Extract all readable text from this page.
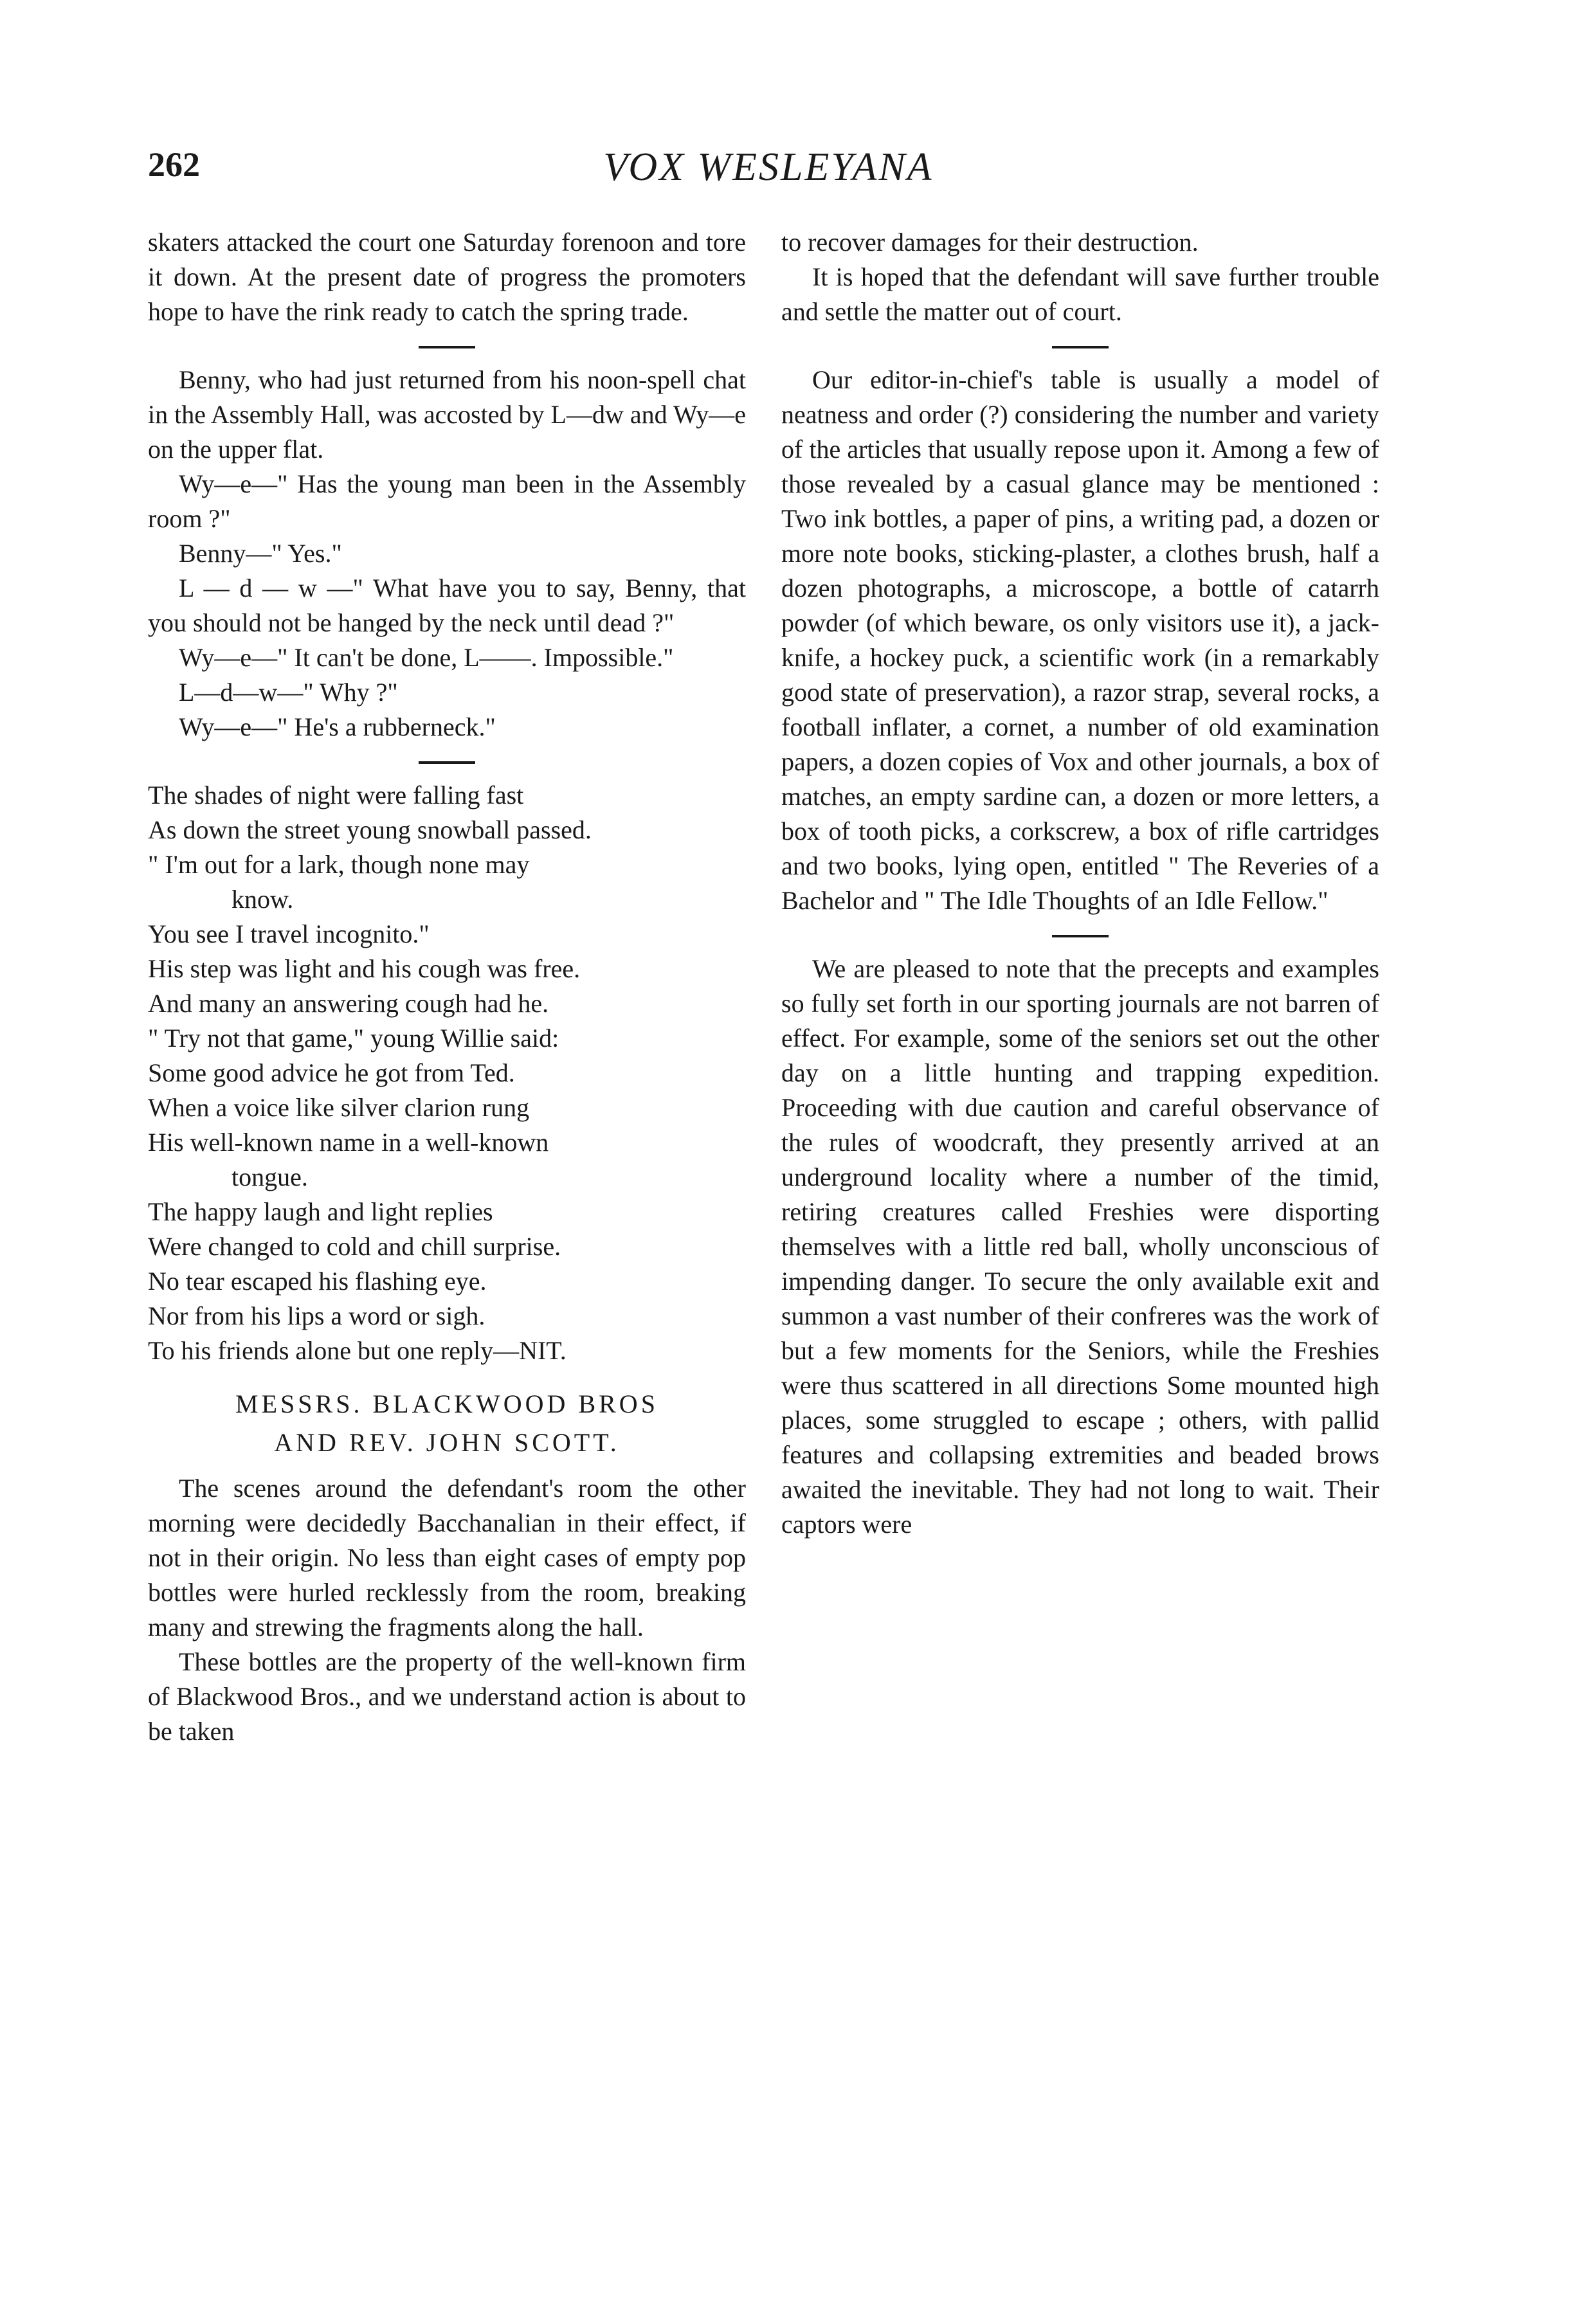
262	VOX WESLEYANA

skaters attacked the court one Saturday forenoon and tore it down. At the present date of progress the promoters hope to have the rink ready to catch the spring trade.

Benny, who had just returned from his noon-spell chat in the Assembly Hall, was accosted by L—dw and Wy—e on the upper flat.

Wy—e—" Has the young man been in the Assembly room ?"

Benny—" Yes."

L — d — w —" What have you to say, Benny, that you should not be hanged by the neck until dead ?"

Wy—e—" It can't be done, L——. Impossible."

L—d—w—" Why ?"

Wy—e—" He's a rubberneck."

The shades of night were falling fast
As down the street young snowball passed.
" I'm out for a lark, though none may
know.
You see I travel incognito."
His step was light and his cough was free.
And many an answering cough had he.
" Try not that game," young Willie said:
Some good advice he got from Ted.
When a voice like silver clarion rung
His well-known name in a well-known
tongue.
The happy laugh and light replies
Were changed to cold and chill surprise.
No tear escaped his flashing eye.
Nor from his lips a word or sigh.
To his friends alone but one reply—NIT.
MESSRS. BLACKWOOD BROS
AND REV. JOHN SCOTT.

The scenes around the defendant's room the other morning were decidedly Bacchanalian in their effect, if not in their origin. No less than eight cases of empty pop bottles were hurled recklessly from the room, breaking many and strewing the fragments along the hall.

These bottles are the property of the well-known firm of Blackwood Bros., and we understand action is about to be taken

to recover damages for their destruction.

It is hoped that the defendant will save further trouble and settle the matter out of court.

Our editor-in-chief's table is usually a model of neatness and order (?) considering the number and variety of the articles that usually repose upon it. Among a few of those revealed by a casual glance may be mentioned : Two ink bottles, a paper of pins, a writing pad, a dozen or more note books, sticking-plaster, a clothes brush, half a dozen photographs, a microscope, a bottle of catarrh powder (of which beware, os only visitors use it), a jack-knife, a hockey puck, a scientific work (in a remarkably good state of preservation), a razor strap, several rocks, a football inflater, a cornet, a number of old examination papers, a dozen copies of Vox and other journals, a box of matches, an empty sardine can, a dozen or more letters, a box of tooth picks, a corkscrew, a box of rifle cartridges and two books, lying open, entitled " The Reveries of a Bachelor and " The Idle Thoughts of an Idle Fellow."

We are pleased to note that the precepts and examples so fully set forth in our sporting journals are not barren of effect. For example, some of the seniors set out the other day on a little hunting and trapping expedition. Proceeding with due caution and careful observance of the rules of woodcraft, they presently arrived at an underground locality where a number of the timid, retiring creatures called Freshies were disporting themselves with a little red ball, wholly unconscious of impending danger. To secure the only available exit and summon a vast number of their confreres was the work of but a few moments for the Seniors, while the Freshies were thus scattered in all directions Some mounted high places, some struggled to escape ; others, with pallid features and collapsing extremities and beaded brows awaited the inevitable. They had not long to wait. Their captors were
